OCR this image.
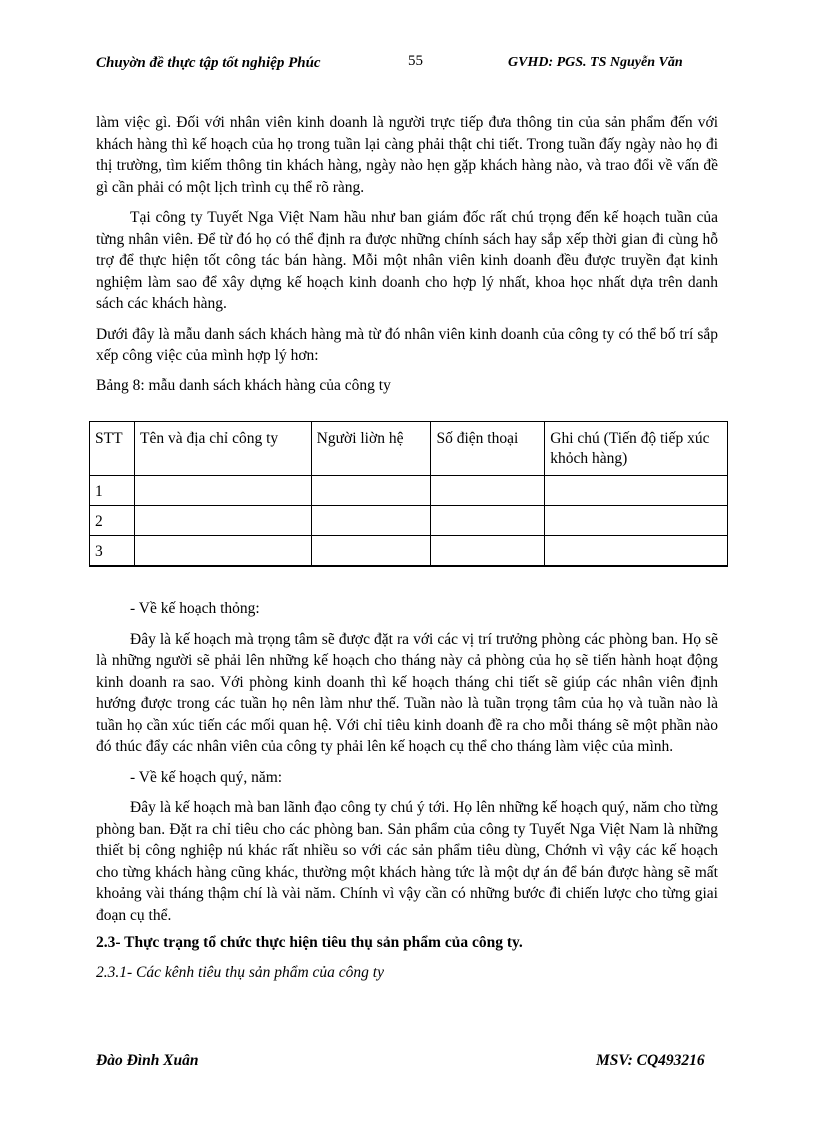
Chuyờn đề thực tập tốt nghiệp Phúc	55	GVHD: PGS. TS Nguyễn Văn

làm việc gì. Đối với nhân viên kinh doanh là người trực tiếp đưa thông tin của sản phẩm đến với khách hàng thì kế hoạch của họ trong tuần lại càng phải thật chi tiết. Trong tuần đấy ngày nào họ đi thị trường, tìm kiếm thông tin khách hàng, ngày nào hẹn gặp khách hàng nào, và trao đổi về vấn đề gì cần phải có một lịch trình cụ thể rõ ràng.

Tại công ty Tuyết Nga Việt Nam hầu như ban giám đốc rất chú trọng đến kế hoạch tuần của từng nhân viên. Để từ đó họ có thể định ra được những chính sách hay sắp xếp thời gian đi cùng hỗ trợ để thực hiện tốt công tác bán hàng. Mỗi một nhân viên kinh doanh đều được truyền đạt kinh nghiệm làm sao để xây dựng kế hoạch kinh doanh cho hợp lý nhất, khoa học nhất dựa trên danh sách các khách hàng.

Dưới đây là mẫu danh sách khách hàng mà từ đó nhân viên kinh doanh của công ty có thể bố trí sắp xếp công việc của mình hợp lý hơn:

Bảng 8: mẫu danh sách khách hàng của công ty

STT	Tên và địa chỉ công ty	Người liờn hệ	Số điện thoại	Ghi chú (Tiến độ tiếp xúc khỏch hàng)
1				
2				
3				

- Về kế hoạch thỏng:

Đây là kế hoạch mà trọng tâm sẽ được đặt ra với các vị trí trưởng phòng các phòng ban. Họ sẽ là những người sẽ phải lên những kế hoạch cho tháng này cả phòng của họ sẽ tiến hành hoạt động kinh doanh ra sao. Với phòng kinh doanh thì kế hoạch tháng chi tiết sẽ giúp các nhân viên định hướng được trong các tuần họ nên làm như thế. Tuần nào là tuần trọng tâm của họ và tuần nào là tuần họ cần xúc tiến các mối quan hệ. Với chỉ tiêu kinh doanh đề ra cho mỗi tháng sẽ một phần nào đó thúc đẩy các nhân viên của công ty phải lên kế hoạch cụ thể cho tháng làm việc của mình.

- Về kế hoạch quý, năm:

Đây là kế hoạch mà ban lãnh đạo công ty chú ý tới. Họ lên những kế hoạch quý, năm cho từng phòng ban. Đặt ra chỉ tiêu cho các phòng ban. Sản phẩm của công ty Tuyết Nga Việt Nam là những thiết bị công nghiệp nú khác rất nhiều so với các sản phẩm tiêu dùng, Chớnh vì vậy các kế hoạch cho từng khách hàng cũng khác, thường một khách hàng tức là một dự án để bán được hàng sẽ mất khoảng vài tháng thậm chí là vài năm. Chính vì vậy cần có những bước đi chiến lược cho từng giai đoạn cụ thể.

2.3- Thực trạng tổ chức thực hiện tiêu thụ sản phẩm của công ty.

2.3.1- Các kênh tiêu thụ sản phẩm của công ty

Đào Đình Xuân	MSV: CQ493216
